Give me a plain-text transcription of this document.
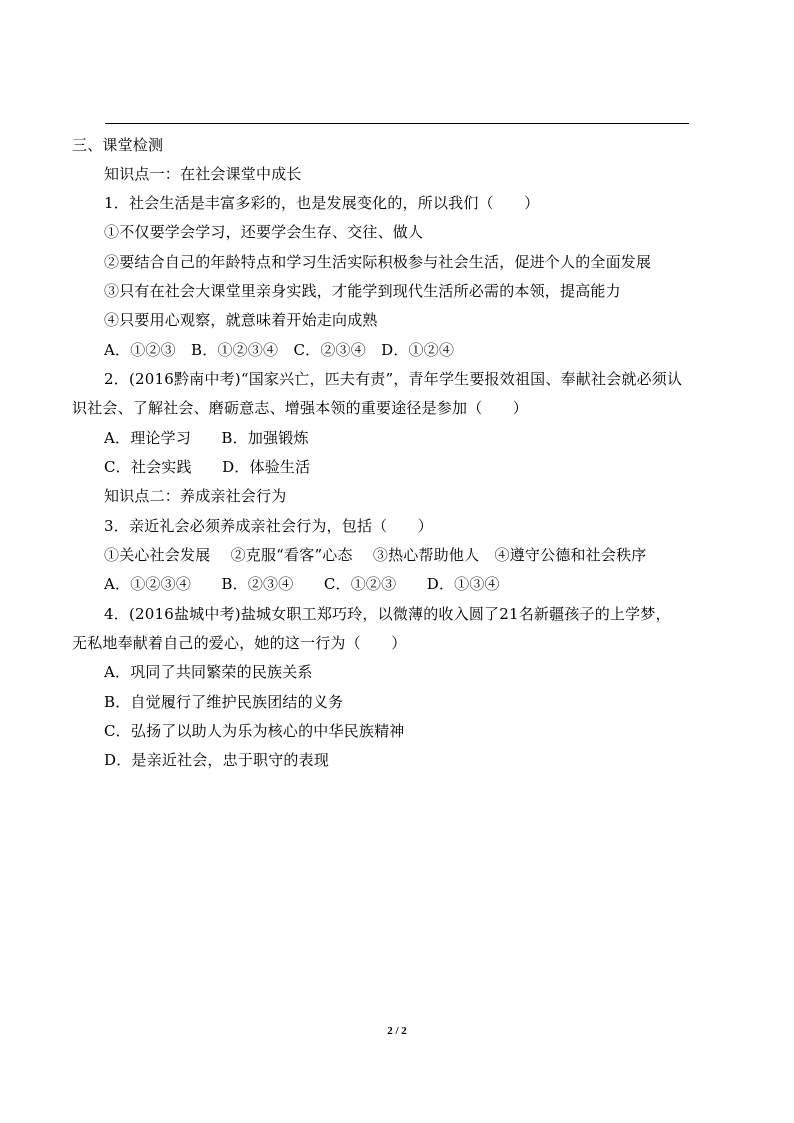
三、课堂检测
知识点一：在社会课堂中成长
1．社会生活是丰富多彩的，也是发展变化的，所以我们（　　）
①不仅要学会学习，还要学会生存、交往、做人
②要结合自己的年龄特点和学习生活实际积极参与社会生活，促进个人的全面发展
③只有在社会大课堂里亲身实践，才能学到现代生活所必需的本领，提高能力
④只要用心观察，就意味着开始走向成熟
A．①②③　B．①②③④　C．②③④　D．①②④
2．(2016黔南中考)“国家兴亡，匹夫有责”，青年学生要报效祖国、奉献社会就必须认
识社会、了解社会、磨砺意志、增强本领的重要途径是参加（　　）
A．理论学习　　B．加强锻炼
C．社会实践　　D．体验生活
知识点二：养成亲社会行为
3．亲近礼会必须养成亲社会行为，包括（　　）
①关心社会发展　 ②克服“看客”心态　 ③热心帮助他人　④遵守公德和社会秩序
A．①②③④　　B．②③④　　C．①②③　　D．①③④
4．(2016盐城中考)盐城女职工郑巧玲，以微薄的收入圆了21名新疆孩子的上学梦，
无私地奉献着自己的爱心，她的这一行为（　　）
A．巩同了共同繁荣的民族关系
B．自觉履行了维护民族团结的义务
C．弘扬了以助人为乐为核心的中华民族精神
D．是亲近社会，忠于职守的表现
2 / 2
